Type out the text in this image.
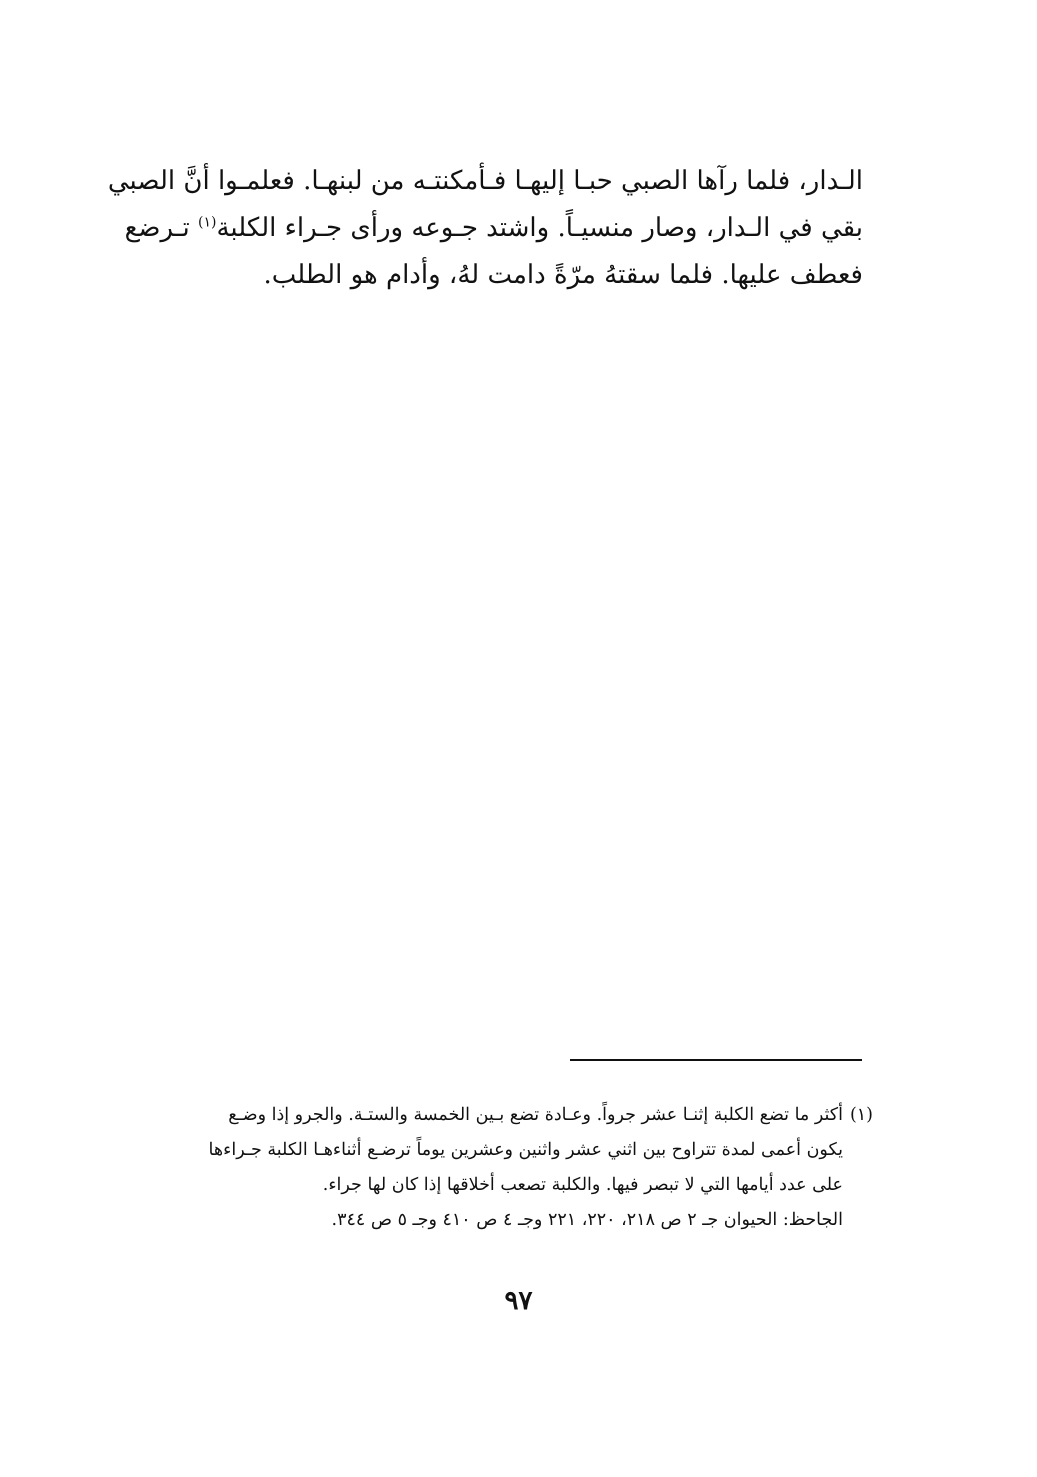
الـدار، فلما رآها الصبي حبـا إليهـا فـأمكنتـه من لبنهـا. فعلمـوا أنَّ الصبي
بقي في الـدار، وصار منسيـاً. واشتد جـوعه ورأى جـراء الكلبة$^{(١)}$ تـرضع
فعطف عليها. فلما سقتهُ مرّةً دامت لهُ، وأدام هو الطلب.
(١)أكثر ما تضع الكلبة إثنـا عشر جرواً. وعـادة تضع بـين الخمسة والستـة. والجرو إذا وضـع
يكون أعمى لمدة تتراوح بين اثني عشر واثنين وعشرين يوماً ترضـع أثناءهـا الكلبة جـراءها
على عدد أيامها التي لا تبصر فيها. والكلبة تصعب أخلاقها إذا كان لها جراء.
الجاحظ: الحيوان جـ ٢ ص ٢١٨، ٢٢٠، ٢٢١ وجـ ٤ ص ٤١٠ وجـ ٥ ص ٣٤٤.
٩٧
